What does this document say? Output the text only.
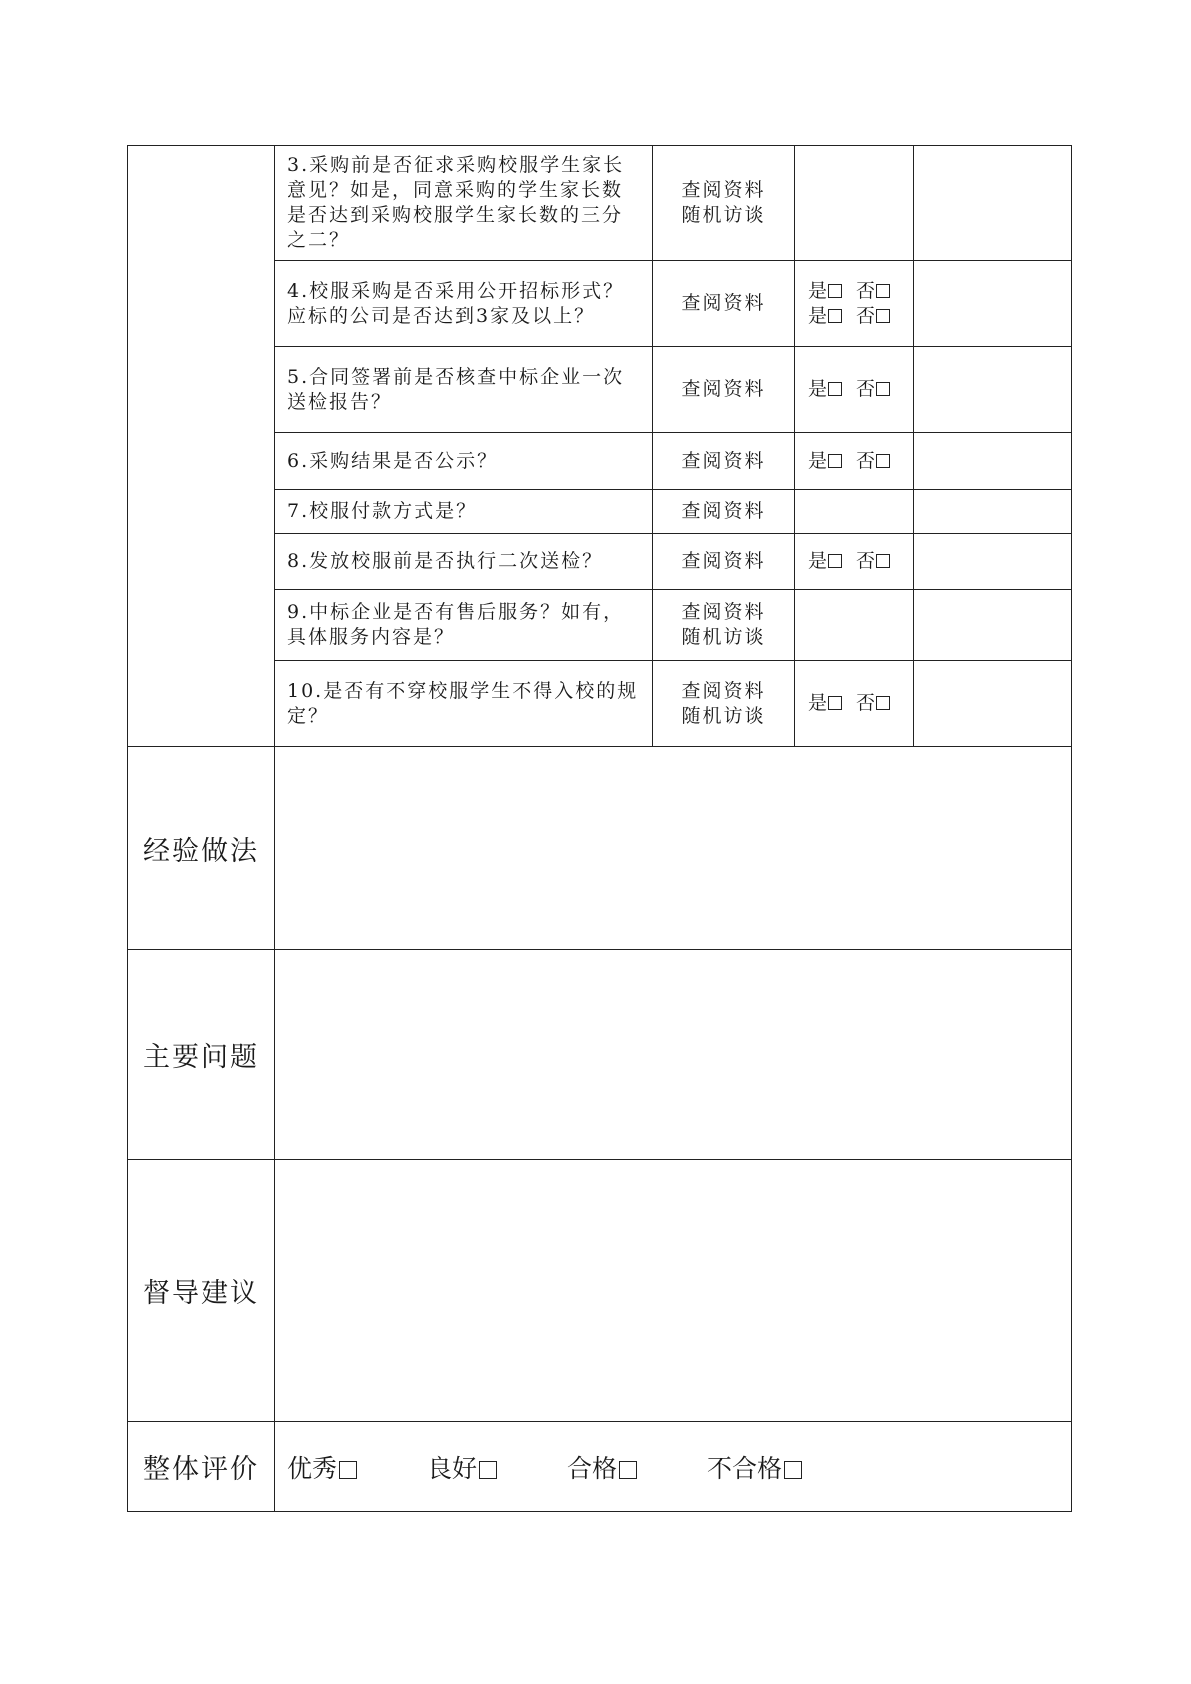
	3.采购前是否征求采购校服学生家长意见？如是，同意采购的学生家长数是否达到采购校服学生家长数的三分之二？	查阅资料
随机访谈		

	4.校服采购是否采用公开招标形式？应标的公司是否达到3家及以上？	查阅资料	是 否
是 否	

	5.合同签署前是否核查中标企业一次送检报告？	查阅资料	是 否	

	6.采购结果是否公示？	查阅资料	是 否	

	7.校服付款方式是？	查阅资料		

	8.发放校服前是否执行二次送检？	查阅资料	是 否	

	9.中标企业是否有售后服务？如有，具体服务内容是？	查阅资料
随机访谈		

	10.是否有不穿校服学生不得入校的规定？	查阅资料
随机访谈	是 否	

经验做法				
主要问题				
督导建议				
整体评价	优秀 良好 合格 不合格			
